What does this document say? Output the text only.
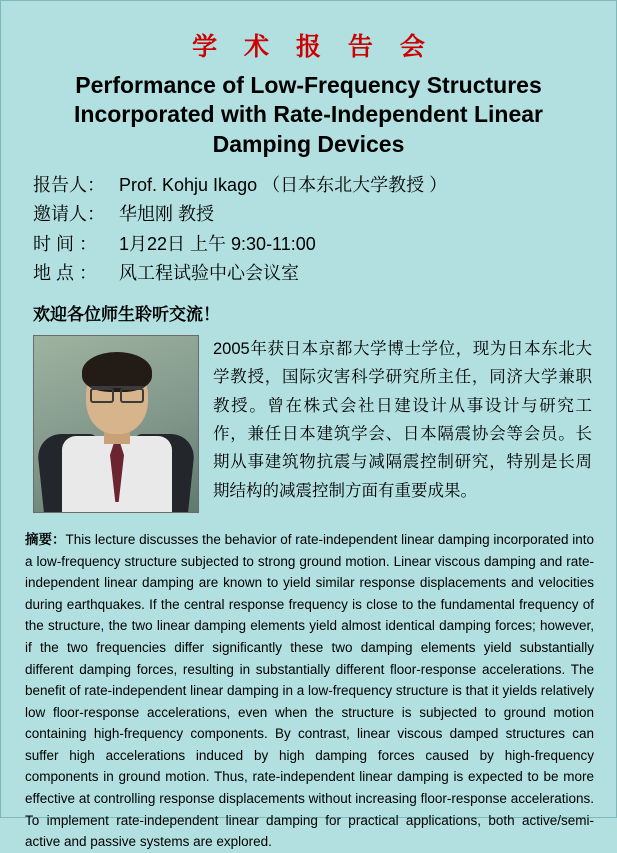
学 术 报 告 会
Performance of Low-Frequency Structures Incorporated with Rate-Independent Linear Damping Devices
报告人： Prof. Kohju Ikago （日本东北大学教授 ）
邀请人： 华旭刚 教授
时 间 ： 1月22日 上午 9:30-11:00
地 点 ： 风工程试验中心会议室
欢迎各位师生聆听交流！
2005年获日本京都大学博士学位，现为日本东北大学教授，国际灾害科学研究所主任，同济大学兼职教授。曾在株式会社日建设计从事设计与研究工作，兼任日本建筑学会、日本隔震协会等会员。长期从事建筑物抗震与减隔震控制研究，特别是长周期结构的减震控制方面有重要成果。
摘要：This lecture discusses the behavior of rate-independent linear damping incorporated into a low-frequency structure subjected to strong ground motion. Linear viscous damping and rate-independent linear damping are known to yield similar response displacements and velocities during earthquakes. If the central response frequency is close to the fundamental frequency of the structure, the two linear damping elements yield almost identical damping forces; however, if the two frequencies differ significantly these two damping elements yield substantially different damping forces, resulting in substantially different floor-response accelerations. The benefit of rate-independent linear damping in a low-frequency structure is that it yields relatively low floor-response accelerations, even when the structure is subjected to ground motion containing high-frequency components. By contrast, linear viscous damped structures can suffer high accelerations induced by high damping forces caused by high-frequency components in ground motion. Thus, rate-independent linear damping is expected to be more effective at controlling response displacements without increasing floor-response accelerations. To implement rate-independent linear damping for practical applications, both active/semi-active and passive systems are explored.
